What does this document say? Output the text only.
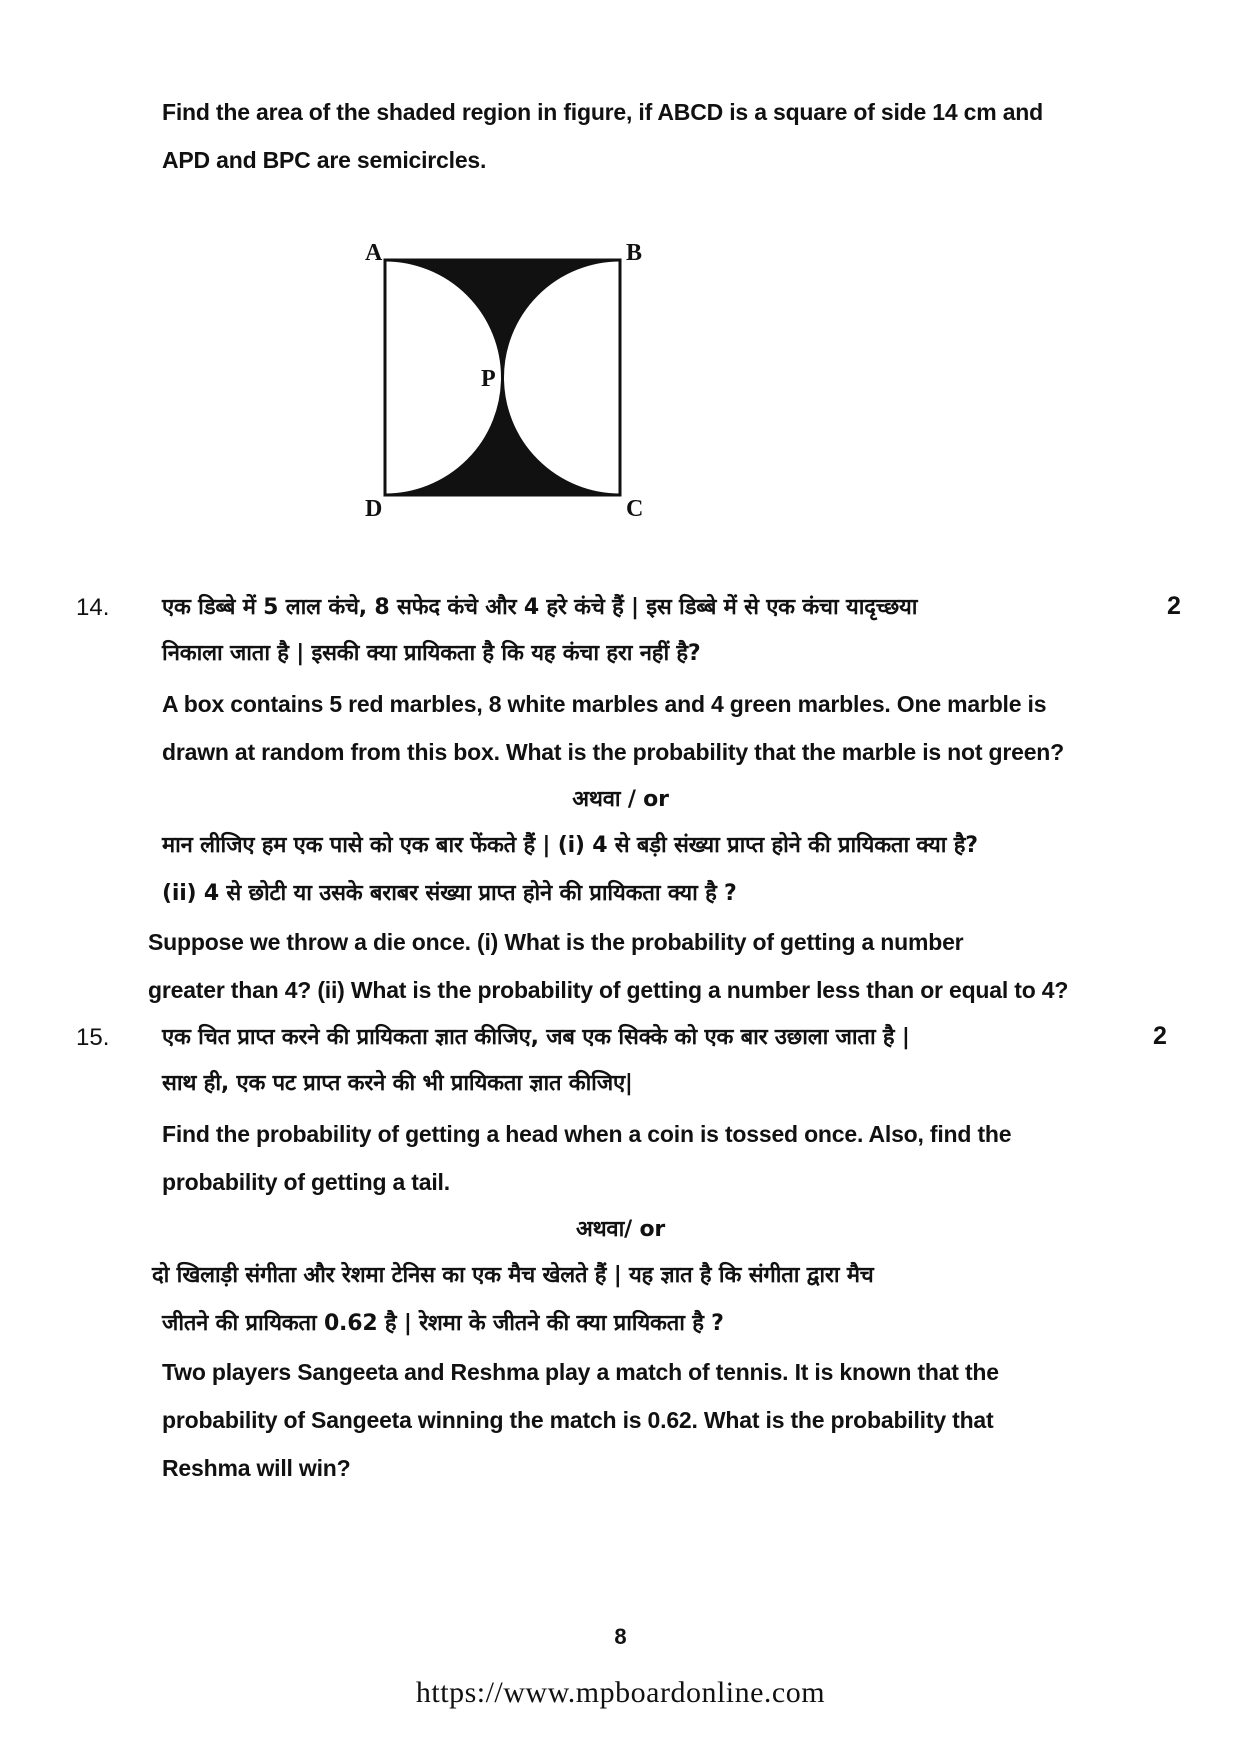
Find the area of the shaded region in figure, if ABCD is a square of side 14 cm and
APD and BPC are semicircles.
A	B
C
D
P
14.	2
एक डिब्बे में 5 लाल कंचे, 8 सफेद कंचे और 4 हरे कंचे हैं | इस डिब्बे में से एक कंचा यादृच्छया
निकाला जाता है | इसकी क्या प्रायिकता है कि यह कंचा हरा नहीं है?
A box contains 5 red marbles, 8 white marbles and 4 green marbles. One marble is
drawn at random from this box. What is the probability that the marble is not green?
अथवा / or
मान लीजिए हम एक पासे को एक बार फेंकते हैं | (i) 4 से बड़ी संख्या प्राप्त होने की प्रायिकता क्या है?
(ii) 4 से छोटी या उसके बराबर संख्या प्राप्त होने की प्रायिकता क्या है ?
Suppose we throw a die once. (i) What is the probability of getting a number
greater than 4? (ii) What is the probability of getting a number less than or equal to 4?
15.	2
एक चित प्राप्त करने की प्रायिकता ज्ञात कीजिए, जब एक सिक्के को एक बार उछाला जाता है |
साथ ही, एक पट प्राप्त करने की भी प्रायिकता ज्ञात कीजिए|
Find the probability of getting a head when a coin is tossed once. Also, find the
probability of getting a tail.
अथवा/ or
दो खिलाड़ी संगीता और रेशमा टेनिस का एक मैच खेलते हैं | यह ज्ञात है कि संगीता द्वारा मैच
जीतने की प्रायिकता 0.62 है | रेशमा के जीतने की क्या प्रायिकता है ?
Two players Sangeeta and Reshma play a match of tennis. It is known that the
probability of Sangeeta winning the match is 0.62. What is the probability that
Reshma will win?
8
https://www.mpboardonline.com
